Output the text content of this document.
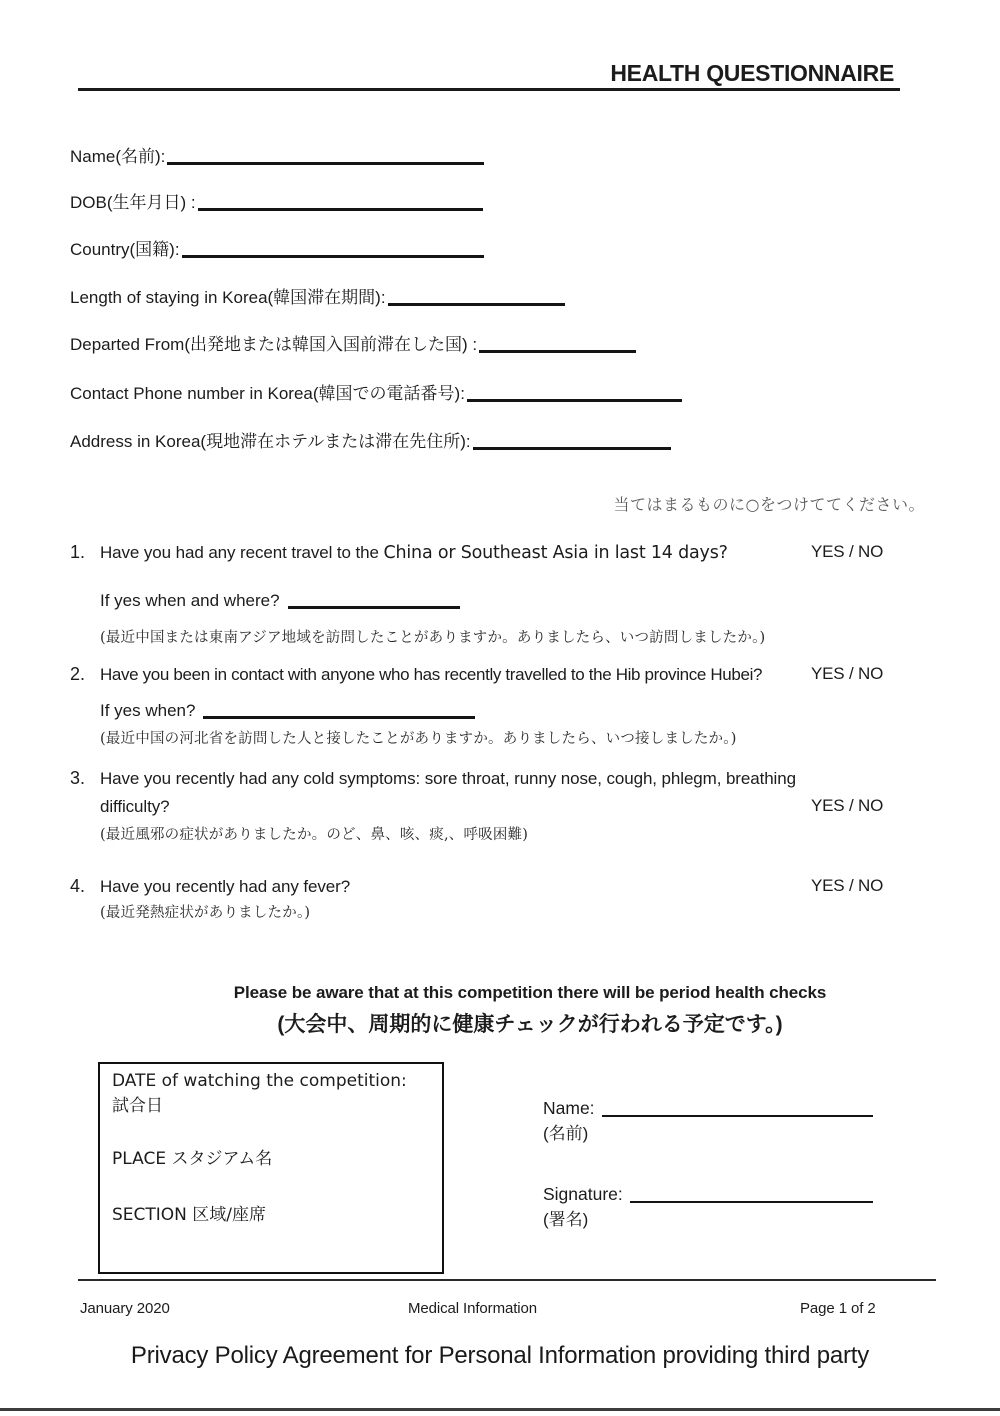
HEALTH QUESTIONNAIRE
Name(名前):
DOB(生年月日) :
Country(国籍):
Length of staying in Korea(韓国滞在期間):
Departed From(出発地または韓国入国前滞在した国) :
Contact Phone number in Korea(韓国での電話番号):
Address in Korea(現地滞在ホテルまたは滞在先住所):
当てはまるものに○をつけててください。
1. Have you had any recent travel to the China or Southeast Asia in last 14 days?	YES / NO
If yes when and where?
(最近中国または東南アジア地域を訪問したことがありますか。ありましたら、いつ訪問しましたか。)
2. Have you been in contact with anyone who has recently travelled to the Hib province Hubei?	YES / NO
If yes when?
(最近中国の河北省を訪問した人と接したことがありますか。ありましたら、いつ接しましたか。)
3. Have you recently had any cold symptoms: sore throat, runny nose, cough, phlegm, breathing
difficulty?	YES / NO
(最近風邪の症状がありましたか。のど、鼻、咳、痰,、呼吸困難)
4. Have you recently had any fever?	YES / NO
(最近発熱症状がありましたか。)
Please be aware that at this competition there will be period health checks
(大会中、周期的に健康チェックが行われる予定です。)
DATE of watching the competition:
試合日
PLACE スタジアム名
SECTION 区域/座席
Name:
(名前)
Signature:
(署名)
January 2020	Medical Information	Page 1 of 2
Privacy Policy Agreement for Personal Information providing third party
